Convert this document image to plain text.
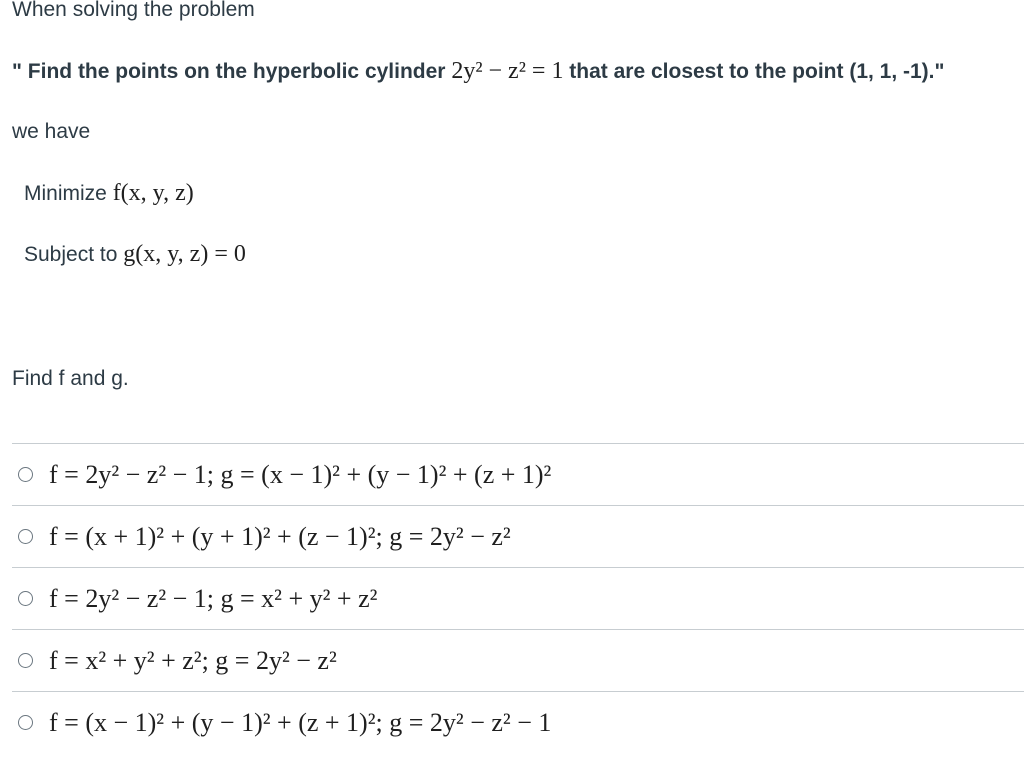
When solving the problem
" Find the points on the hyperbolic cylinder 2y² − z² = 1 that are closest to the point (1, 1, -1)."
we have
Minimize f(x, y, z)
Subject to g(x, y, z) = 0
Find f and g.
f = 2y² − z² − 1; g = (x − 1)² + (y − 1)² + (z + 1)²
f = (x + 1)² + (y + 1)² + (z − 1)²; g = 2y² − z²
f = 2y² − z² − 1; g = x² + y² + z²
f = x² + y² + z²; g = 2y² − z²
f = (x − 1)² + (y − 1)² + (z + 1)²; g = 2y² − z² − 1
